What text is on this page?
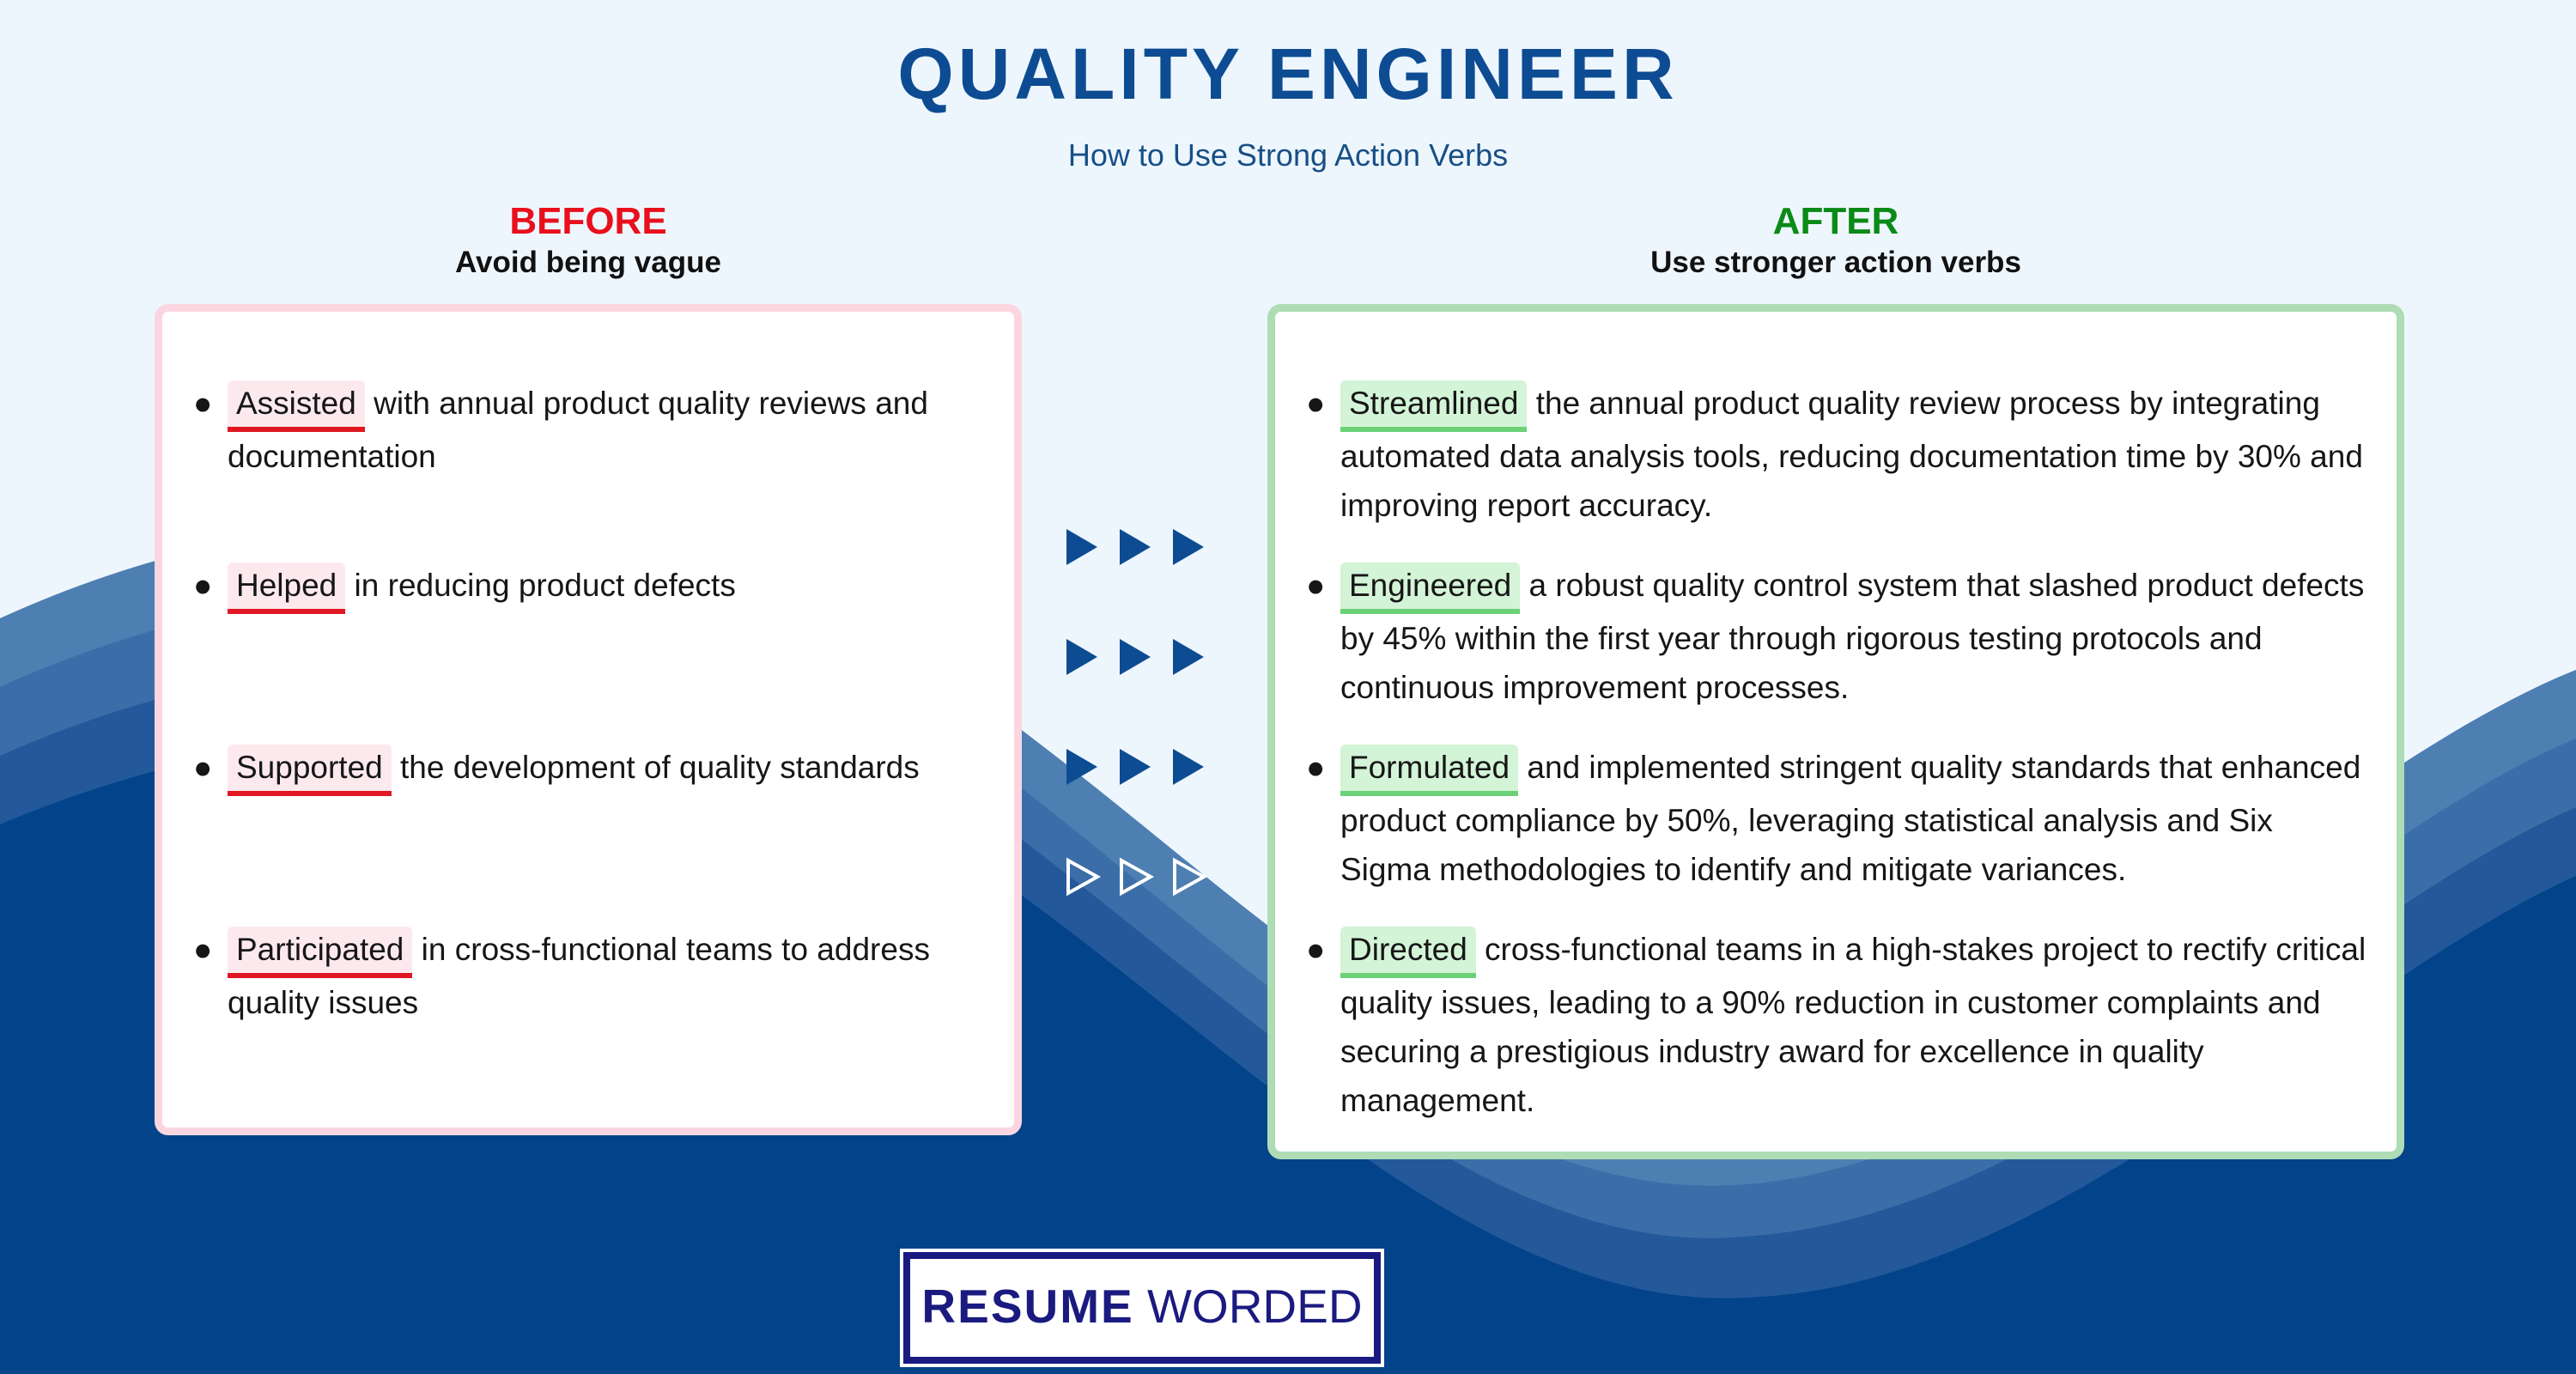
QUALITY ENGINEER
How to Use Strong Action Verbs
BEFORE
Avoid being vague
AFTER
Use stronger action verbs
● Assisted with annual product quality reviews and documentation
● Helped in reducing product defects
● Supported the development of quality standards
● Participated in cross-functional teams to address quality issues
● Streamlined the annual product quality review process by integrating automated data analysis tools, reducing documentation time by 30% and improving report accuracy.
● Engineered a robust quality control system that slashed product defects by 45% within the first year through rigorous testing protocols and continuous improvement processes.
● Formulated and implemented stringent quality standards that enhanced product compliance by 50%, leveraging statistical analysis and Six Sigma methodologies to identify and mitigate variances.
● Directed cross-functional teams in a high-stakes project to rectify critical quality issues, leading to a 90% reduction in customer complaints and securing a prestigious industry award for excellence in quality management.
RESUME WORDED
